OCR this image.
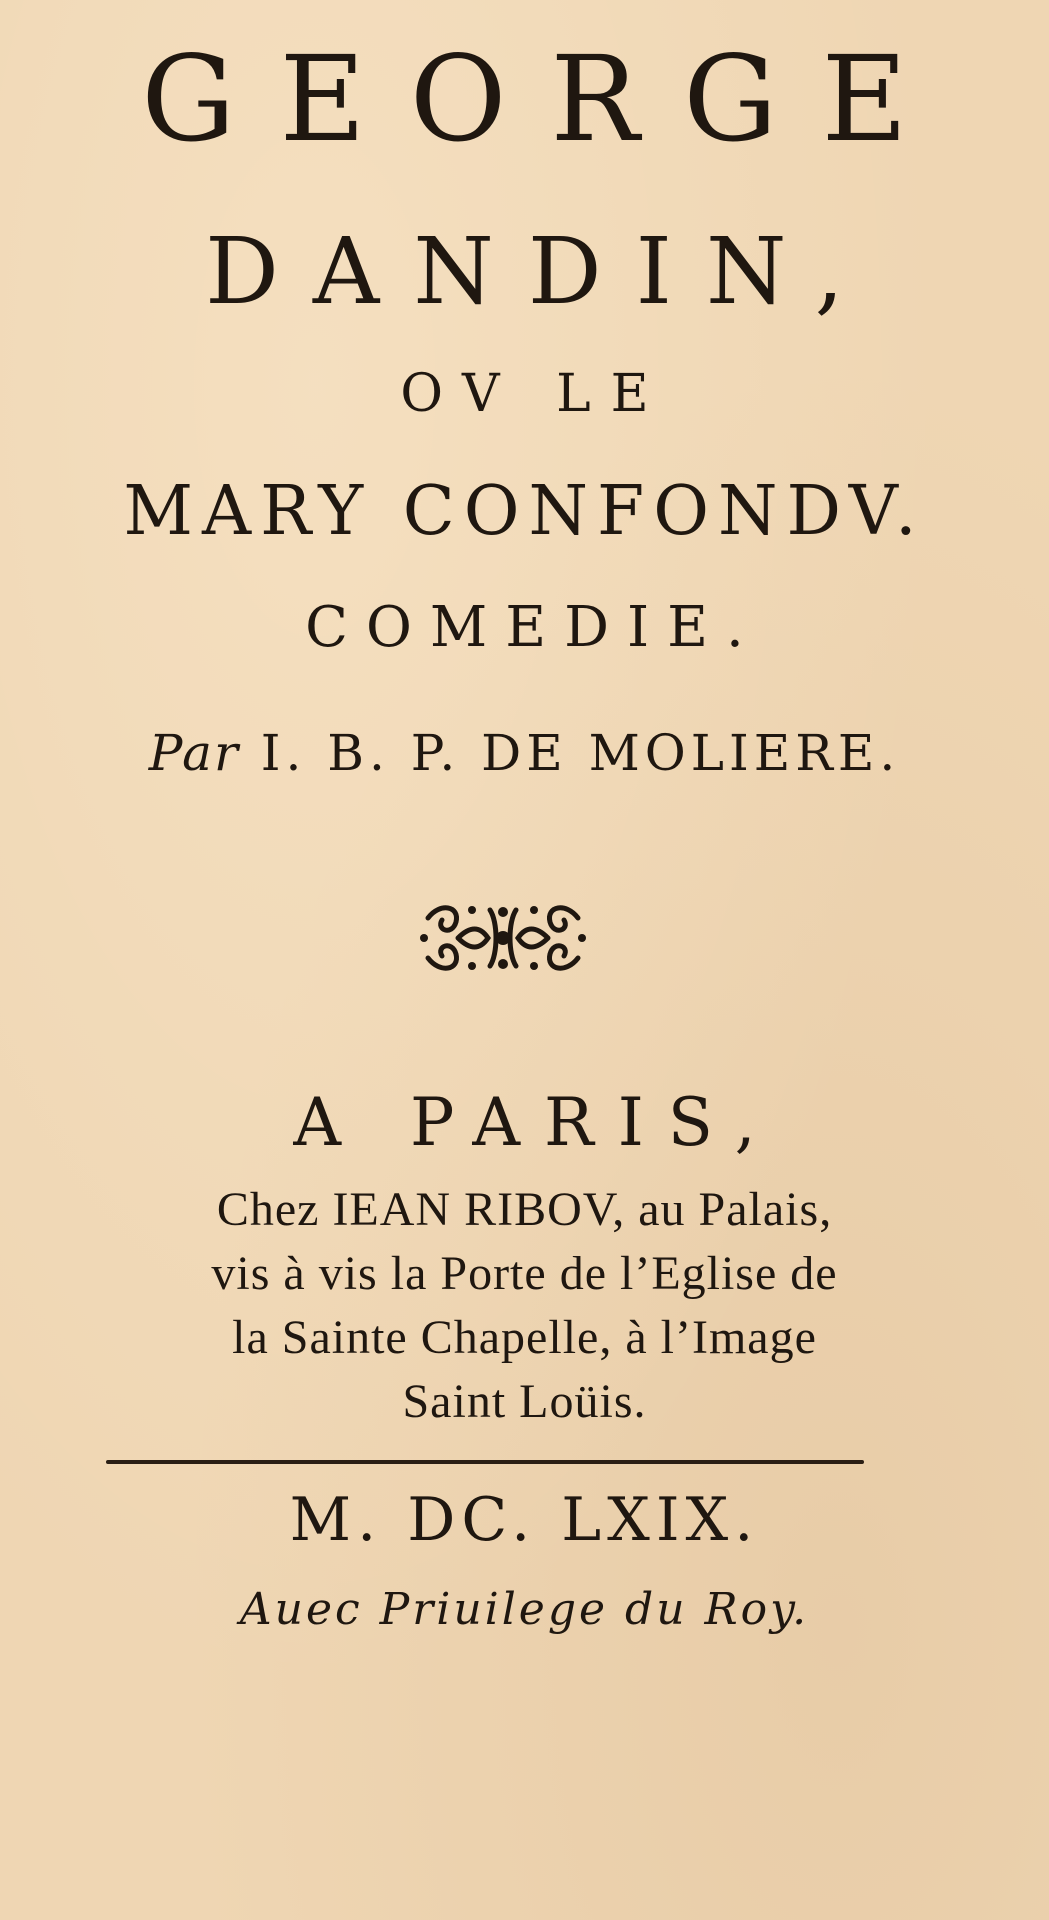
GEORGE
DANDIN,
OV LE
MARY CONFONDV.
COMEDIE.
Par I. B. P. DE MOLIERE.
A PARIS,
Chez IEAN RIBOV, au Palais,
vis à vis la Porte de l’Eglise de
la Sainte Chapelle, à l’Image
Saint Loüis.
M. DC. LXIX.
Auec Priuilege du Roy.
